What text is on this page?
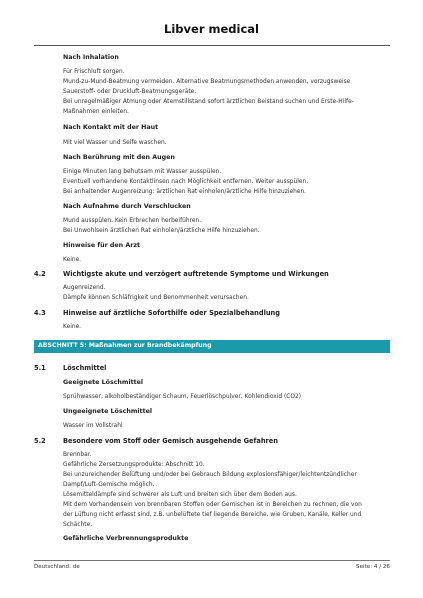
Libver medical
Nach Inhalation
Für Frischluft sorgen.
Mund-zu-Mund-Beatmung vermeiden. Alternative Beatmungsmethoden anwenden, vorzugsweise
Sauerstoff- oder Druckluft-Beatmungsgeräte.
Bei unregelmäßiger Atmung oder Atemstillstand sofort ärztlichen Beistand suchen und Erste-Hilfe-
Maßnahmen einleiten.
Nach Kontakt mit der Haut
Mit viel Wasser und Seife waschen.
Nach Berührung mit den Augen
Einige Minuten lang behutsam mit Wasser ausspülen.
Eventuell vorhandene Kontaktlinsen nach Möglichkeit entfernen. Weiter ausspülen.
Bei anhaltender Augenreizung: ärztlichen Rat einholen/ärztliche Hilfe hinzuziehen.
Nach Aufnahme durch Verschlucken
Mund ausspülen. Kein Erbrechen herbeiführen.
Bei Unwohlsein ärztlichen Rat einholen/ärztliche Hilfe hinzuziehen.
Hinweise für den Arzt
Keine.
4.2	Wichtigste akute und verzögert auftretende Symptome und Wirkungen
Augenreizend.
Dämpfe können Schläfrigkeit und Benommenheit verursachen.
4.3	Hinweise auf ärztliche Soforthilfe oder Spezialbehandlung
Keine.
ABSCHNITT 5: Maßnahmen zur Brandbekämpfung
5.1	Löschmittel
Geeignete Löschmittel
Sprühwasser, alkoholbeständiger Schaum, Feuerlöschpulver, Kohlendioxid (CO2)
Ungeeignete Löschmittel
Wasser im Vollstrahl
5.2	Besondere vom Stoff oder Gemisch ausgehende Gefahren
Brennbar.
Gefährliche Zersetzungsprodukte: Abschnitt 10.
Bei unzureichender Belüftung und/oder bei Gebrauch Bildung explosionsfähiger/leichtentzündlicher
Dampf/Luft-Gemische möglich.
Lösemitteldämpfe sind schwerer als Luft und breiten sich über dem Boden aus.
Mit dem Vorhandensein von brennbaren Stoffen oder Gemischen ist in Bereichen zu rechnen, die von
der Lüftung nicht erfasst sind, z.B. unbelüftete tief liegende Bereiche, wie Gruben, Kanäle, Keller und
Schächte.
Gefährliche Verbrennungsprodukte
Deutschland: de	Seite: 4 / 26
